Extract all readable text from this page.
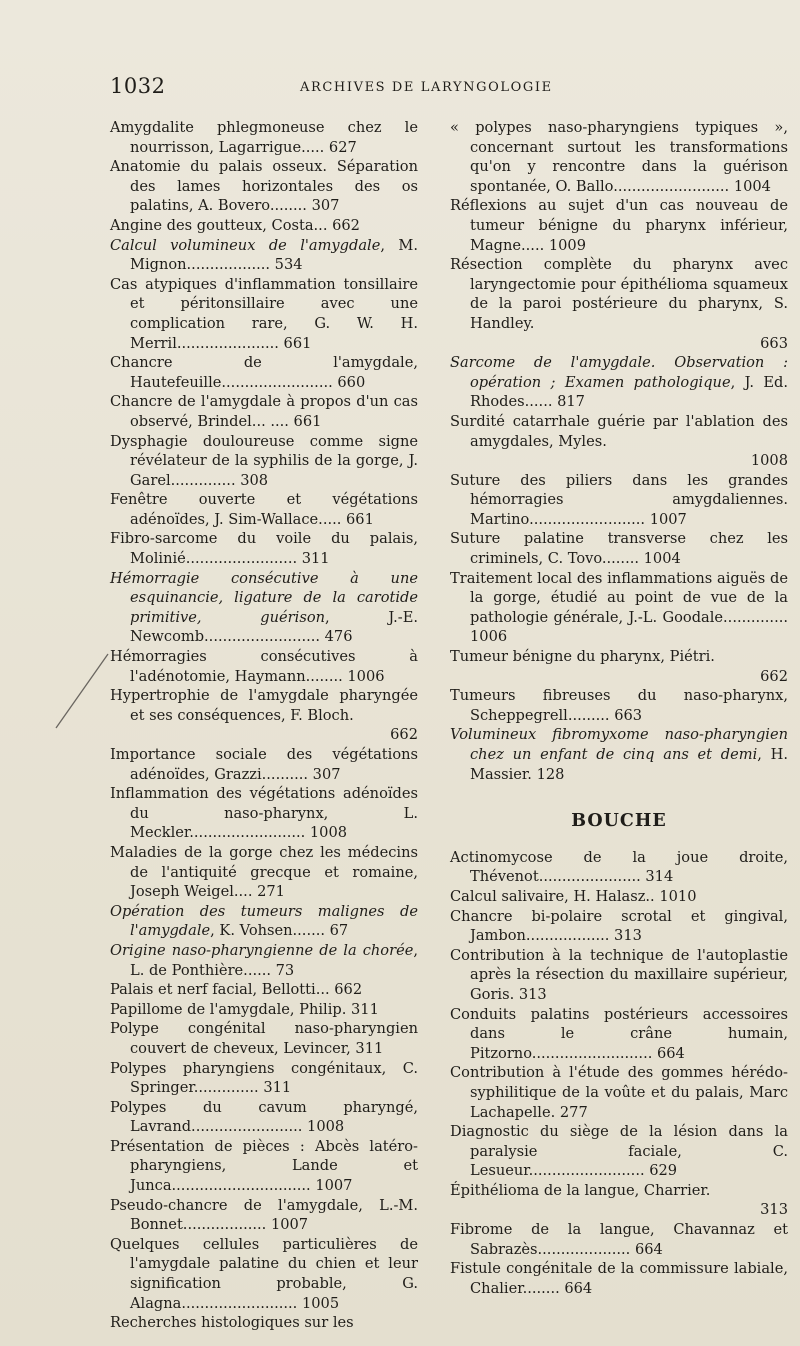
1032	ARCHIVES DE LARYNGOLOGIE
Amygdalite phlegmoneuse chez le nourrisson, Lagarrigue..... 627
Anatomie du palais osseux. Séparation des lames horizontales des os palatins, A. Bovero........ 307
Angine des goutteux, Costa... 662
Calcul volumineux de l'amygdale, M. Mignon.................. 534
Cas atypiques d'inflammation tonsillaire et péritonsillaire avec une complication rare, G. W. H. Merril...................... 661
Chancre de l'amygdale, Hautefeuille........................ 660
Chancre de l'amygdale à propos d'un cas observé, Brindel... .... 661
Dysphagie douloureuse comme signe révélateur de la syphilis de la gorge, J. Garel.............. 308
Fenêtre ouverte et végétations adénoïdes, J. Sim-Wallace..... 661
Fibro-sarcome du voile du palais, Molinié........................ 311
Hémorragie consécutive à une esquinancie, ligature de la carotide primitive, guérison, J.-E. Newcomb......................... 476
Hémorragies consécutives à l'adénotomie, Haymann........ 1006
Hypertrophie de l'amygdale pharyngée et ses conséquences, F. Bloch.
662
Importance sociale des végétations adénoïdes, Grazzi.......... 307
Inflammation des végétations adénoïdes du naso-pharynx, L. Meckler......................... 1008
Maladies de la gorge chez les médecins de l'antiquité grecque et romaine, Joseph Weigel.... 271
Opération des tumeurs malignes de l'amygdale, K. Vohsen....... 67
Origine naso-pharyngienne de la chorée, L. de Ponthière...... 73
Palais et nerf facial, Bellotti... 662
Papillome de l'amygdale, Philip. 311
Polype congénital naso-pharyngien couvert de cheveux, Levincer, 311
Polypes pharyngiens congénitaux, C. Springer.............. 311
Polypes du cavum pharyngé, Lavrand........................ 1008
Présentation de pièces : Abcès latéro-pharyngiens, Lande et Junca.............................. 1007
Pseudo-chancre de l'amygdale, L.-M. Bonnet.................. 1007
Quelques cellules particulières de l'amygdale palatine du chien et leur signification probable, G. Alagna......................... 1005
Recherches histologiques sur les
« polypes naso-pharyngiens typiques », concernant surtout les transformations qu'on y rencontre dans la guérison spontanée, O. Ballo......................... 1004
Réflexions au sujet d'un cas nouveau de tumeur bénigne du pharynx inférieur, Magne..... 1009
Résection complète du pharynx avec laryngectomie pour épithélioma squameux de la paroi postérieure du pharynx, S. Handley.
663
Sarcome de l'amygdale. Observation : opération ; Examen pathologique, J. Ed. Rhodes...... 817
Surdité catarrhale guérie par l'ablation des amygdales, Myles.
1008
Suture des piliers dans les grandes hémorragies amygdaliennes. Martino......................... 1007
Suture palatine transverse chez les criminels, C. Tovo........ 1004
Traitement local des inflammations aiguës de la gorge, étudié au point de vue de la pathologie générale, J.-L. Goodale.............. 1006
Tumeur bénigne du pharynx, Piétri.
662
Tumeurs fibreuses du naso-pharynx, Scheppegrell......... 663
Volumineux fibromyxome naso-pharyngien chez un enfant de cinq ans et demi, H. Massier. 128
BOUCHE
Actinomycose de la joue droite, Thévenot...................... 314
Calcul salivaire, H. Halasz.. 1010
Chancre bi-polaire scrotal et gingival, Jambon.................. 313
Contribution à la technique de l'autoplastie après la résection du maxillaire supérieur, Goris. 313
Conduits palatins postérieurs accessoires dans le crâne humain, Pitzorno.......................... 664
Contribution à l'étude des gommes hérédo-syphilitique de la voûte et du palais, Marc Lachapelle. 277
Diagnostic du siège de la lésion dans la paralysie faciale, C. Lesueur......................... 629
Épithélioma de la langue, Charrier.
313
Fibrome de la langue, Chavannaz et Sabrazès.................... 664
Fistule congénitale de la commissure labiale, Chalier........ 664
